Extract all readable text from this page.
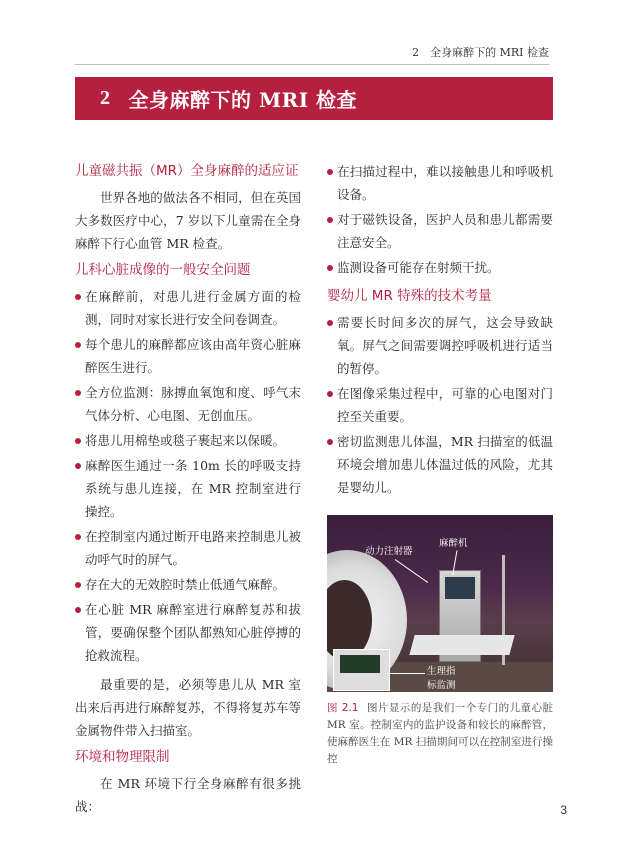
2　全身麻醉下的 MRI 检查
2 全身麻醉下的 MRI 检查
儿童磁共振（MR）全身麻醉的适应证

世界各地的做法各不相同，但在英国大多数医疗中心，7 岁以下儿童需在全身麻醉下行心血管 MR 检查。

儿科心脏成像的一般安全问题
在麻醉前，对患儿进行金属方面的检测，同时对家长进行安全问卷调查。
每个患儿的麻醉都应该由高年资心脏麻醉医生进行。
全方位监测：脉搏血氧饱和度、呼气末气体分析、心电图、无创血压。
将患儿用棉垫或毯子裹起来以保暖。
麻醉医生通过一条 10m 长的呼吸支持系统与患儿连接，在 MR 控制室进行操控。
在控制室内通过断开电路来控制患儿被动呼气时的屏气。
存在大的无效腔时禁止低通气麻醉。
在心脏 MR 麻醉室进行麻醉复苏和拔管，要确保整个团队都熟知心脏停搏的抢救流程。

最重要的是，必须等患儿从 MR 室出来后再进行麻醉复苏，不得将复苏车等金属物件带入扫描室。

环境和物理限制

在 MR 环境下行全身麻醉有很多挑战：

在扫描过程中，难以接触患儿和呼吸机设备。
对于磁铁设备，医护人员和患儿都需要注意安全。
监测设备可能存在射频干扰。
婴幼儿 MR 特殊的技术考量
需要长时间多次的屏气，这会导致缺氧。屏气之间需要调控呼吸机进行适当的暂停。
在图像采集过程中，可靠的心电图对门控至关重要。
密切监测患儿体温，MR 扫描室的低温环境会增加患儿体温过低的风险，尤其是婴幼儿。
动力注射器
麻醉机
生理指
标监测
图 2.1 图片显示的是我们一个专门的儿童心脏 MR 室。控制室内的监护设备和较长的麻醉管，使麻醉医生在 MR 扫描期间可以在控制室进行操控
3
